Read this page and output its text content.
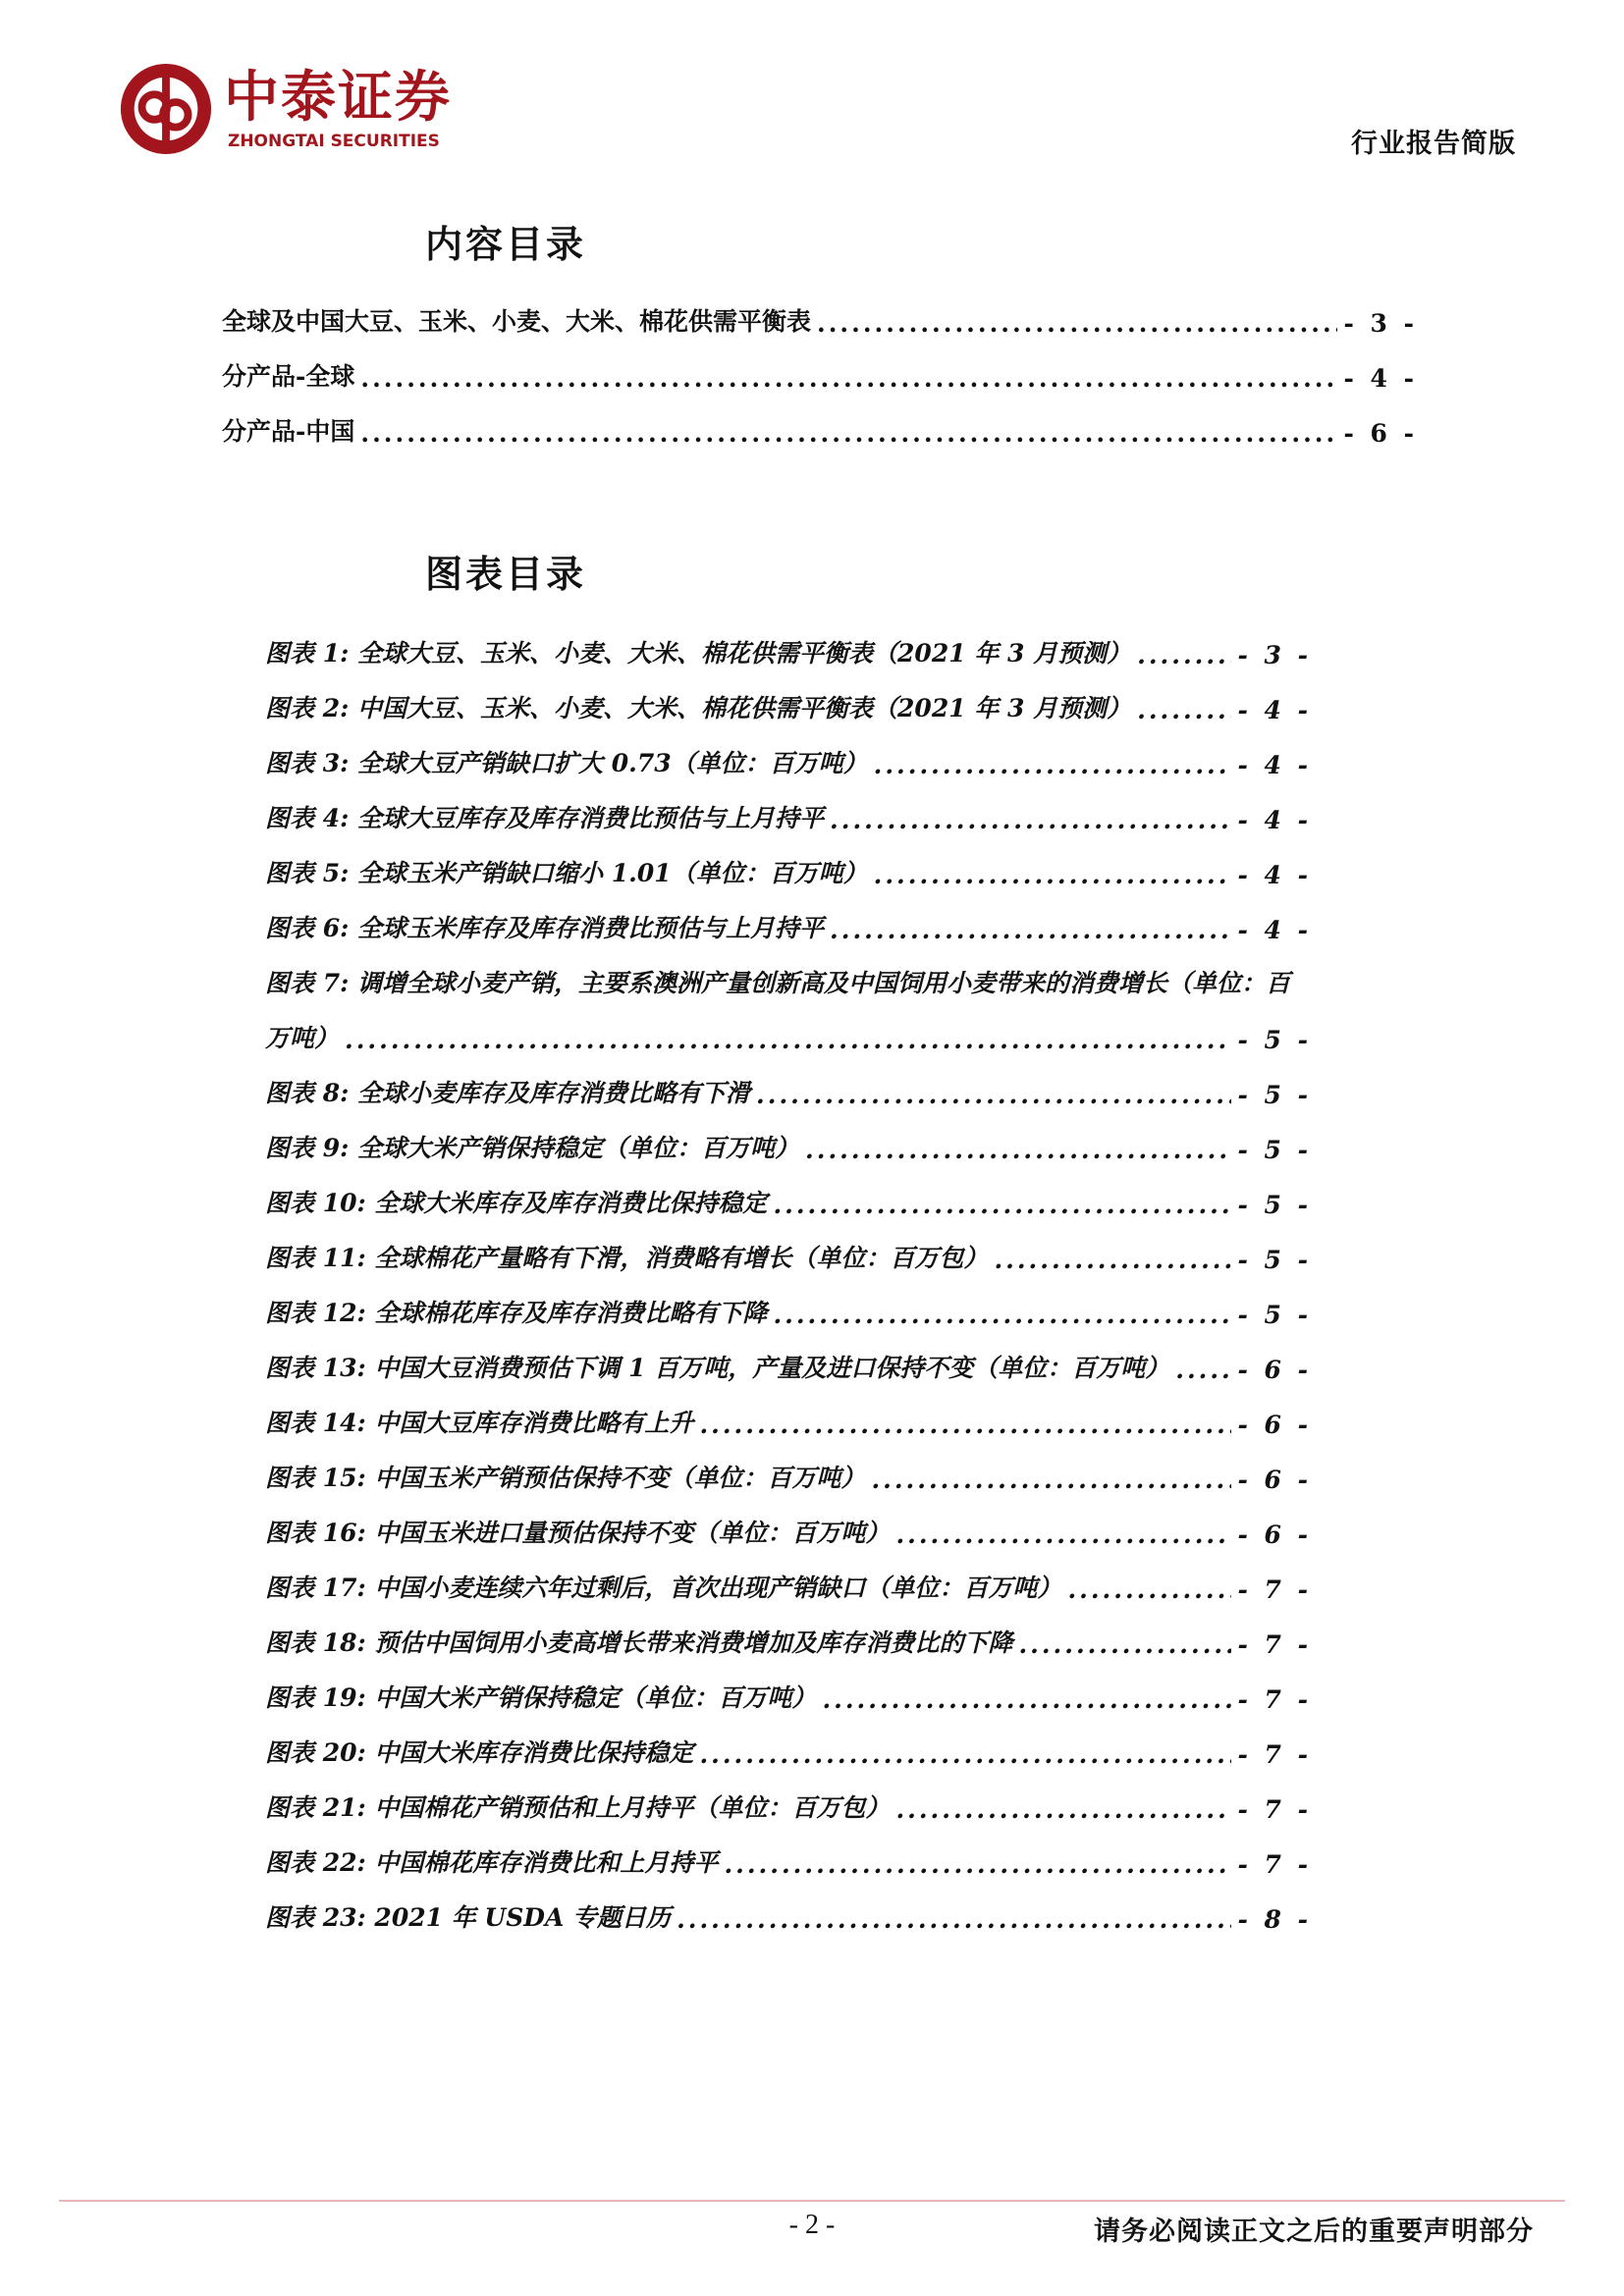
中泰证券
ZHONGTAI SECURITIES	行业报告简版
内容目录
全球及中国大豆、玉米、小麦、大米、棉花供需平衡表 .....	- 3 -
分产品-全球 .....	- 4 -
分产品-中国 .....	- 6 -
图表目录
图表 1: 全球大豆、玉米、小麦、大米、棉花供需平衡表（2021 年 3 月预测） .....	- 3 -
图表 2: 中国大豆、玉米、小麦、大米、棉花供需平衡表（2021 年 3 月预测） .....	- 4 -
图表 3: 全球大豆产销缺口扩大 0.73（单位：百万吨） .....	- 4 -
图表 4: 全球大豆库存及库存消费比预估与上月持平 .....	- 4 -
图表 5: 全球玉米产销缺口缩小 1.01（单位：百万吨） .....	- 4 -
图表 6: 全球玉米库存及库存消费比预估与上月持平 .....	- 4 -
图表 7: 调增全球小麦产销，主要系澳洲产量创新高及中国饲用小麦带来的消费增长（单位：百
万吨） .....	- 5 -
图表 8: 全球小麦库存及库存消费比略有下滑 .....	- 5 -
图表 9: 全球大米产销保持稳定（单位：百万吨） .....	- 5 -
图表 10: 全球大米库存及库存消费比保持稳定 .....	- 5 -
图表 11: 全球棉花产量略有下滑，消费略有增长（单位：百万包） .....	- 5 -
图表 12: 全球棉花库存及库存消费比略有下降 .....	- 5 -
图表 13: 中国大豆消费预估下调 1 百万吨，产量及进口保持不变（单位：百万吨） .....	- 6 -
图表 14: 中国大豆库存消费比略有上升 .....	- 6 -
图表 15: 中国玉米产销预估保持不变（单位：百万吨） .....	- 6 -
图表 16: 中国玉米进口量预估保持不变（单位：百万吨） .....	- 6 -
图表 17: 中国小麦连续六年过剩后，首次出现产销缺口（单位：百万吨） .....	- 7 -
图表 18: 预估中国饲用小麦高增长带来消费增加及库存消费比的下降 .....	- 7 -
图表 19: 中国大米产销保持稳定（单位：百万吨） .....	- 7 -
图表 20: 中国大米库存消费比保持稳定 .....	- 7 -
图表 21: 中国棉花产销预估和上月持平（单位：百万包） .....	- 7 -
图表 22: 中国棉花库存消费比和上月持平 .....	- 7 -
图表 23: 2021 年 USDA 专题日历 .....	- 8 -
- 2 -	请务必阅读正文之后的重要声明部分
